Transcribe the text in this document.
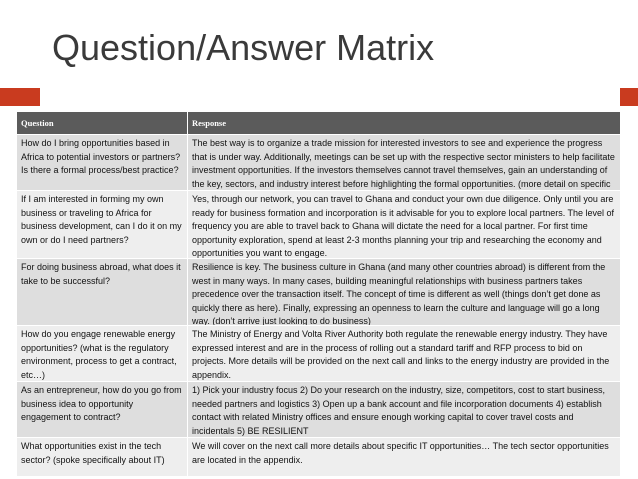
Question/Answer Matrix
Question	Response
How do I bring opportunities based in Africa to potential investors or partners? Is there a formal process/best practice?
The best way is to organize a trade mission for interested investors to see and experience the progress that is under way. Additionally, meetings can be set up with the respective sector ministers to help facilitate investment opportunities. If the investors themselves cannot travel themselves, gain an understanding of the key, sectors, and industry interest before highlighting the formal opportunities. (more detail on specific
If I am interested in forming my own business or traveling to Africa for business development, can I do it on my own or do I need partners?
Yes, through our network, you can travel to Ghana and conduct your own due diligence. Only until you are ready for business formation and incorporation is it advisable for you to explore local partners. The level of frequency you are able to travel back to Ghana will dictate the need for a local partner. For first time opportunity exploration, spend at least 2-3 months planning your trip and researching the economy and opportunities you want to engage.
For doing business abroad, what does it take to be successful?
Resilience is key. The business culture in Ghana (and many other countries abroad) is different from the west in many ways. In many cases, building meaningful relationships with business partners takes precedence over the transaction itself. The concept of time is different as well (things don’t get done as quickly there as here). Finally, expressing an openness to learn the culture and language will go a long way. (don’t arrive just looking to do business)
How do you engage renewable energy opportunities? (what is the regulatory environment, process to get a contract, etc…)
The Ministry of Energy and Volta River Authority both regulate the renewable energy industry. They have expressed interest and are in the process of rolling out a standard tariff and RFP process to bid on projects. More details will be provided on the next call and links to the energy industry are provided in the appendix.
As an entrepreneur, how do you go from business idea to opportunity engagement to contract?
1) Pick your industry focus 2) Do your research on the industry, size, competitors, cost to start business, needed partners and logistics 3) Open up a bank account and file incorporation documents 4) establish contact with related Ministry offices and ensure enough working capital to cover travel costs and incidentals 5) BE RESILIENT
What opportunities exist in the tech sector? (spoke specifically about IT)
We will cover on the next call more details about specific IT opportunities… The tech sector opportunities are located in the appendix.
